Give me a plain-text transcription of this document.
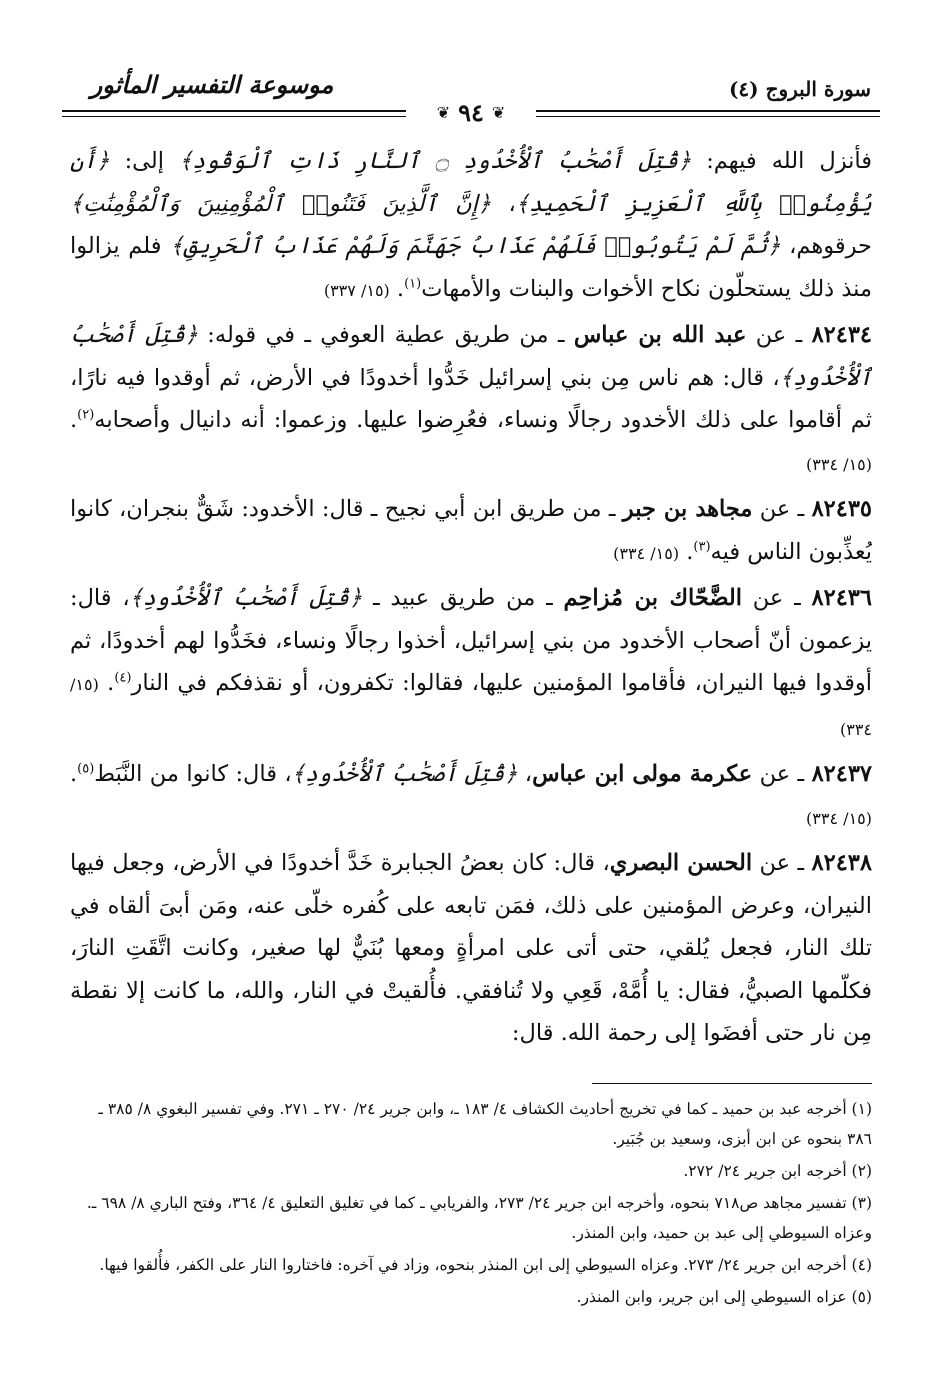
موسوعة التفسير المأثور	سورة البروج (٤)
❦ ٩٤ ❦

فأنزل الله فيهم: ﴿قُتِلَ أَصْحَٰبُ ٱلْأُخْدُودِ ۝ ٱلنَّارِ ذَاتِ ٱلْوَقُودِ﴾ إلى: ﴿أَن يُؤْمِنُوا۟ بِٱللَّهِ ٱلْعَزِيزِ ٱلْحَمِيدِ﴾، ﴿إِنَّ ٱلَّذِينَ فَتَنُوا۟ ٱلْمُؤْمِنِينَ وَٱلْمُؤْمِنَٰتِ﴾ حرقوهم، ﴿ثُمَّ لَمْ يَتُوبُوا۟ فَلَهُمْ عَذَابُ جَهَنَّمَ وَلَهُمْ عَذَابُ ٱلْحَرِيقِ﴾ فلم يزالوا منذ ذلك يستحلّون نكاح الأخوات والبنات والأمهات$^{(١)}$. (١٥/ ٣٣٧)

٨٢٤٣٤ ـ عن عبد الله بن عباس ـ من طريق عطية العوفي ـ في قوله: ﴿قُتِلَ أَصْحَٰبُ ٱلْأُخْدُودِ﴾، قال: هم ناس مِن بني إسرائيل خَدُّوا أخدودًا في الأرض، ثم أوقدوا فيه نارًا، ثم أقاموا على ذلك الأخدود رجالًا ونساء، فعُرِضوا عليها. وزعموا: أنه دانيال وأصحابه$^{(٢)}$. (١٥/ ٣٣٤)

٨٢٤٣٥ ـ عن مجاهد بن جبر ـ من طريق ابن أبي نجيح ـ قال: الأخدود: شَقٌّ بنجران، كانوا يُعذِّبون الناس فيه$^{(٣)}$. (١٥/ ٣٣٤)

٨٢٤٣٦ ـ عن الضَّحّاك بن مُزاحِم ـ من طريق عبيد ـ ﴿قُتِلَ أَصْحَٰبُ ٱلْأُخْدُودِ﴾، قال: يزعمون أنّ أصحاب الأخدود من بني إسرائيل، أخذوا رجالًا ونساء، فخَدُّوا لهم أخدودًا، ثم أوقدوا فيها النيران، فأقاموا المؤمنين عليها، فقالوا: تكفرون، أو نقذفكم في النار$^{(٤)}$. (١٥/ ٣٣٤)

٨٢٤٣٧ ـ عن عكرمة مولى ابن عباس، ﴿قُتِلَ أَصْحَٰبُ ٱلْأُخْدُودِ﴾، قال: كانوا من النَّبَط$^{(٥)}$. (١٥/ ٣٣٤)

٨٢٤٣٨ ـ عن الحسن البصري، قال: كان بعضُ الجبابرة خَدَّ أخدودًا في الأرض، وجعل فيها النيران، وعرض المؤمنين على ذلك، فمَن تابعه على كُفره خلّى عنه، ومَن أبىَ ألقاه في تلك النار، فجعل يُلقي، حتى أتى على امرأةٍ ومعها بُنَيٌّ لها صغير، وكانت اتَّقَتِ النارَ، فكلّمها الصبيُّ، فقال: يا أُمَّهْ، قَعِي ولا تُنافقي. فأُلقيتْ في النار، والله، ما كانت إلا نقطة مِن نار حتى أفضَوا إلى رحمة الله. قال:

(١) أخرجه عبد بن حميد ـ كما في تخريج أحاديث الكشاف ٤/ ١٨٣ ـ، وابن جرير ٢٤/ ٢٧٠ ـ ٢٧١. وفي تفسير البغوي ٨/ ٣٨٥ ـ ٣٨٦ بنحوه عن ابن أبزى، وسعيد بن جُبَير.

(٢) أخرجه ابن جرير ٢٤/ ٢٧٢.

(٣) تفسير مجاهد ص٧١٨ بنحوه، وأخرجه ابن جرير ٢٤/ ٢٧٣، والفريابي ـ كما في تغليق التعليق ٤/ ٣٦٤، وفتح الباري ٨/ ٦٩٨ ـ. وعزاه السيوطي إلى عبد بن حميد، وابن المنذر.

(٤) أخرجه ابن جرير ٢٤/ ٢٧٣. وعزاه السيوطي إلى ابن المنذر بنحوه، وزاد في آخره: فاختاروا النار على الكفر، فأُلقوا فيها.

(٥) عزاه السيوطي إلى ابن جرير، وابن المنذر.
